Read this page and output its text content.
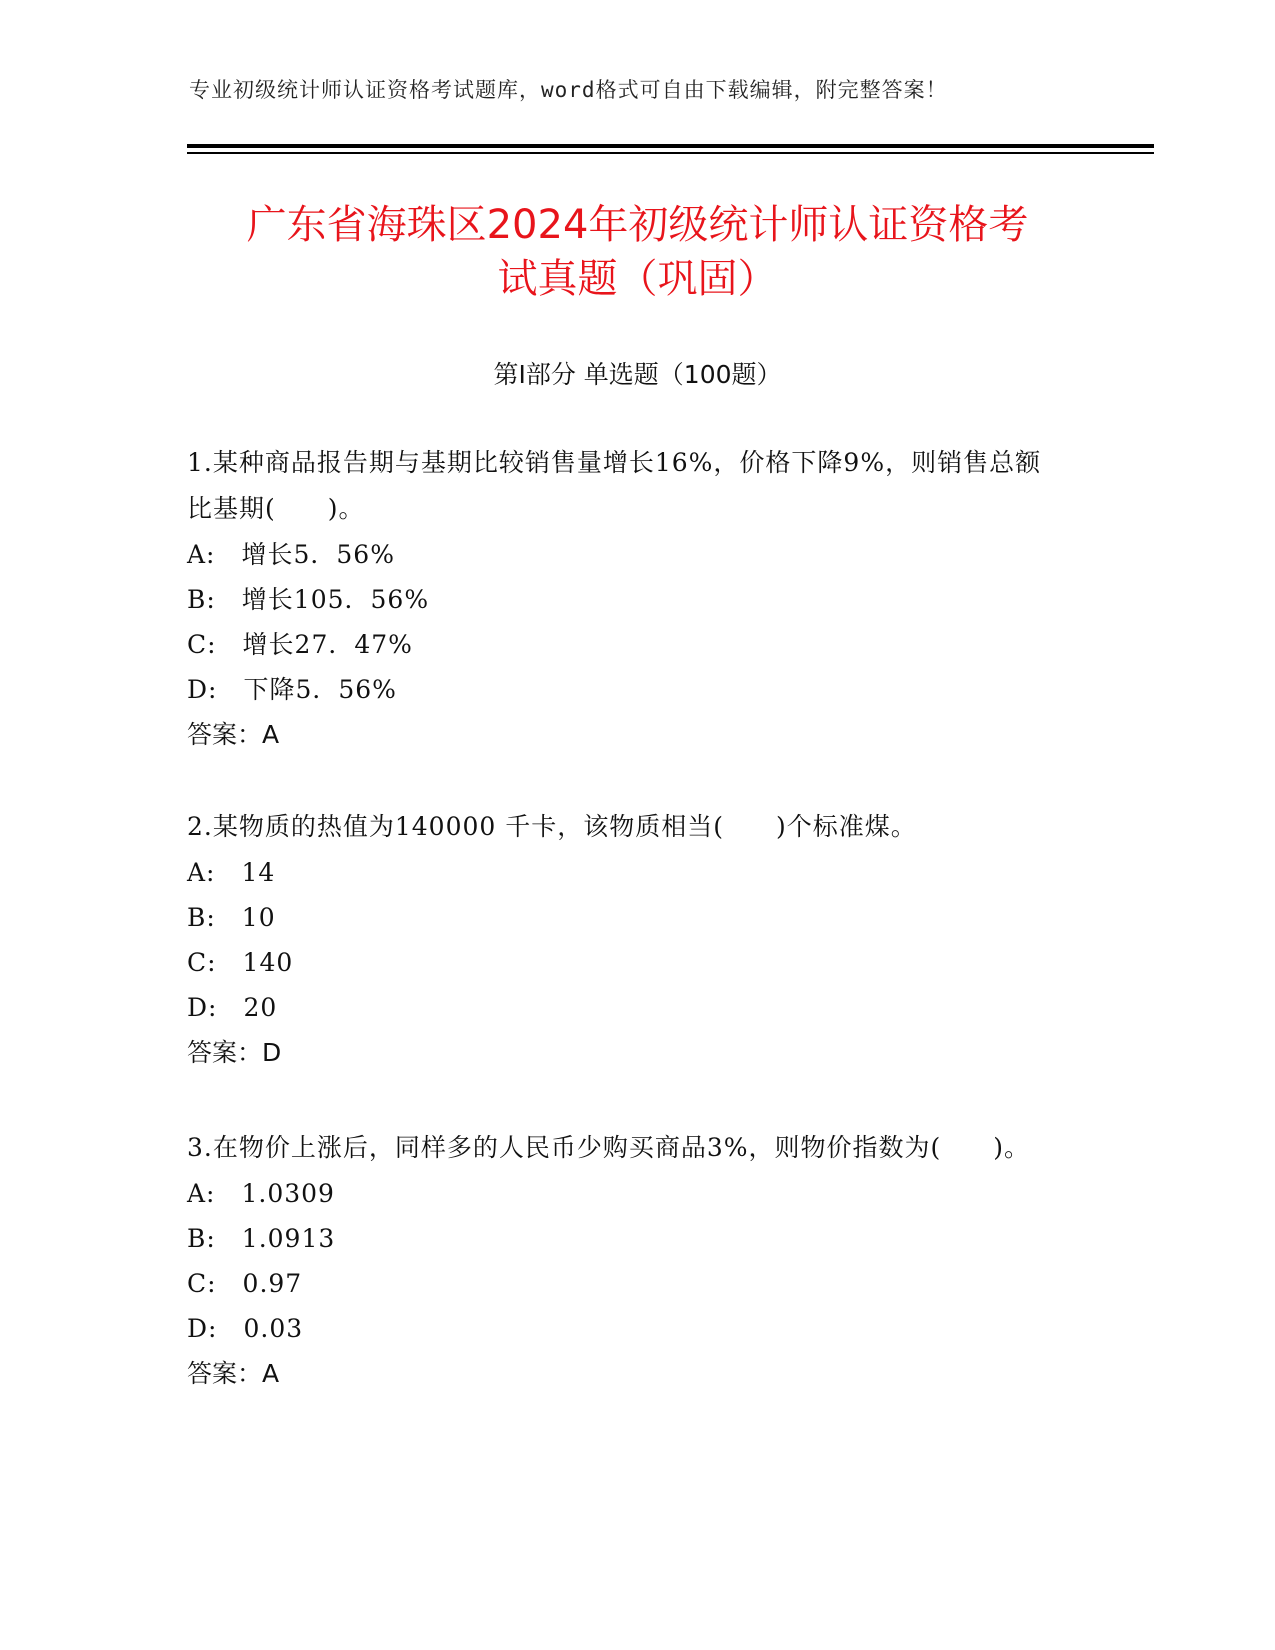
专业初级统计师认证资格考试题库，word格式可自由下载编辑，附完整答案！
广东省海珠区2024年初级统计师认证资格考
试真题（巩固）
第I部分 单选题（100题）

1.某种商品报告期与基期比较销售量增长16%，价格下降9%，则销售总额比基期(　　)。

A:　增长5．56%

B:　增长105．56%

C:　增长27．47%

D:　下降5．56%

答案：A

2.某物质的热值为140000 千卡，该物质相当(　　)个标准煤。

A:　14

B:　10

C:　140

D:　20

答案：D

3.在物价上涨后，同样多的人民币少购买商品3%，则物价指数为(　　)。

A:　1.0309

B:　1.0913

C:　0.97

D:　0.03

答案：A
